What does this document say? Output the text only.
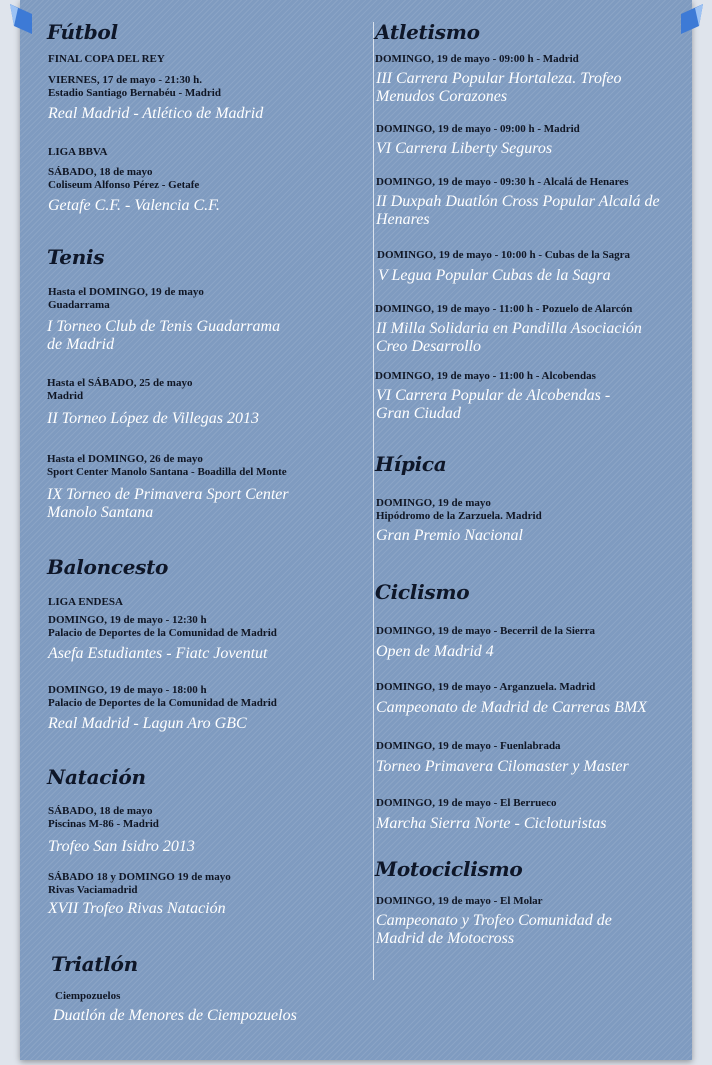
Fútbol
FINAL COPA DEL REY
VIERNES, 17 de mayo - 21:30 h.
Estadio Santiago Bernabéu - Madrid
Real Madrid - Atlético de Madrid
LIGA BBVA
SÁBADO, 18 de mayo
Coliseum Alfonso Pérez - Getafe
Getafe C.F. - Valencia C.F.
Tenis
Hasta el DOMINGO, 19 de mayo
Guadarrama
I Torneo Club de Tenis Guadarrama
de Madrid
Hasta el SÁBADO, 25 de mayo
Madrid
II Torneo López de Villegas 2013
Hasta el DOMINGO, 26 de mayo
Sport Center Manolo Santana - Boadilla del Monte
IX Torneo de Primavera Sport Center
Manolo Santana
Baloncesto
LIGA ENDESA
DOMINGO, 19 de mayo - 12:30 h
Palacio de Deportes de la Comunidad de Madrid
Asefa Estudiantes - Fiatc Joventut
DOMINGO, 19 de mayo - 18:00 h
Palacio de Deportes de la Comunidad de Madrid
Real Madrid - Lagun Aro GBC
Natación
SÁBADO, 18 de mayo
Piscinas M-86 - Madrid
Trofeo San Isidro 2013
SÁBADO 18 y DOMINGO 19 de mayo
Rivas Vaciamadrid
XVII Trofeo Rivas Natación
Triatlón
Ciempozuelos
Duatlón de Menores de Ciempozuelos
Atletismo
DOMINGO, 19 de mayo - 09:00 h - Madrid
III Carrera Popular Hortaleza. Trofeo
Menudos Corazones
DOMINGO, 19 de mayo - 09:00 h - Madrid
VI Carrera Liberty Seguros
DOMINGO, 19 de mayo - 09:30 h - Alcalá de Henares
II Duxpah Duatlón Cross Popular Alcalá de
Henares
DOMINGO, 19 de mayo - 10:00 h - Cubas de la Sagra
V Legua Popular Cubas de la Sagra
DOMINGO, 19 de mayo - 11:00 h - Pozuelo de Alarcón
II Milla Solidaria en Pandilla Asociación
Creo Desarrollo
DOMINGO, 19 de mayo - 11:00 h - Alcobendas
VI Carrera Popular de Alcobendas -
Gran Ciudad
Hípica
DOMINGO, 19 de mayo
Hipódromo de la Zarzuela. Madrid
Gran Premio Nacional
Ciclismo
DOMINGO, 19 de mayo - Becerril de la Sierra
Open de Madrid 4
DOMINGO, 19 de mayo - Arganzuela. Madrid
Campeonato de Madrid de Carreras BMX
DOMINGO, 19 de mayo - Fuenlabrada
Torneo Primavera Cilomaster y Master
DOMINGO, 19 de mayo - El Berrueco
Marcha Sierra Norte - Cicloturistas
Motociclismo
DOMINGO, 19 de mayo - El Molar
Campeonato y Trofeo Comunidad de
Madrid de Motocross
